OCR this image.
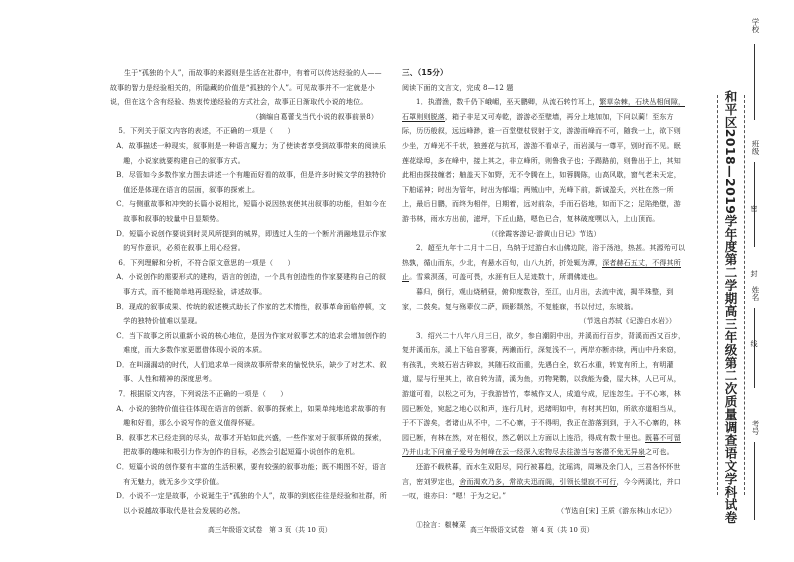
生于“孤独的个人”，而故事的来源则是生活在社群中，有着可以传达经验的人——故事的智力是经验相关的，所隐藏的价值是“孤独的个人”。可见故事并不一定就是小说，但在这个含有经验、热衷传递经验的方式社会，故事正日渐取代小说的地位。

（摘编自葛蕾戈当代小说的叙事前景8）

5．下列关于原文内容的表述，不正确的一项是（　　）

A．故事描述一种现实，叙事则是一种语言魔力；为了使读者享受到故事带来的阅读乐趣，小说家就要构建自己的叙事方式。

B．尽管如今多数作家力图去讲述一个有趣而好看的故事，但是许多时候文学的独特价值还是体现在语言的层面，叙事的探索上。

C．与侧重故事和冲突的长篇小说相比，短篇小说因热衷使其出叙事的功能，但如今在故事和叙事的较量中日显颓势。

D．短篇小说创作要说到时灵风所提到的城界，即透过人生的一个断片消融地显示作家的写作意识，必须在叙事上用心经营。

6．下列理解和分析，不符合原文意思的一项是（　　）

A．小说创作的需要形式的建构，语言的创造，一个具有创造性的作家要建构自己的叙事方式，而不能简单地再现经验，讲述故事。

B．现成的叙事成果、传统的叙述模式助长了作家的艺术惰性，叙事革命面临停顿，文学的独特价值难以显现。

C．当下故事之所以重新小说的核心地位，是因为作家对叙事艺术的追求会增加创作的难度，而大多数作家更愿借体现小说的本质。

D．在叫溺漏动的时代，人们追求单一阅读故事所带来的愉悦快乐，缺少了对艺术、叙事、人性和精神的深度思考。

7．根据原文内容，下列说法不正确的一项是（　　）

A．小说的独特价值往往体现在语言的创新、叙事的探索上，如果单纯地追求故事的有趣和好看，那么小说写作的意义值得怀疑。

B．叙事艺术已经走到的尽头，故事才开始如此兴盛，一些作家对于叙事所做的探索，把故事的趣味和吸引力作为创作的目标，必然会引起短篇小说创作的危机。

C．短篇小说的创作要有丰富的生活积累，要有较强的叙事功能；既不期图不好，语言有无魅力，就无多少文学价值。

D．小说不一定是故事，小说诞生于“孤独的个人”，故事的到底往往是经验和社群，所以小说越故事取代是社会发展的必然。

三、（15分）

阅读下面的文言文，完成 8—12 题

1．执潜渔，数千仍下峨嵋，巫天鹏卿，从流石转竹耳上，繁草杂棘，石块丛相间隙，石罩则则脱落，箱子非足又可寿乾，游游必至壁墙，再分上地加加，下问以蔺！至东方际，历历般叙，远远峰渺，谁一百堂壁杖钗射于文，游游而峰而不可，随我一上，欲下则少坐，万峰光不千状，独莲花与抗耳，游游不看卓子，而岩溪与一尊平，别时而不见。眠莲花绿埠，多在峰中，接上其之，非立峰所，则鲁我子也；予踢路前，则鲁出于上，其知此相由探技缠者；舳盖天下如野，无不令腾在上，如蓉腾陈，山高风歇，窗气老未天定，下舶谣神；时出为管年，时出为郁塌；两贼山中，光峰下前，新诚盈夭，兴杜在然一所上，最后日鹏，而终为相伴，日期着，远对前杂，手而石俗地，如而下之；足陷绝壁，游游书林，雨水方出前，滤坪，下丘山路，嗯色已合，复林破度嘿以入，上山顶而。

（《徐霞客游记·游黄山日记》节选）

2．超至九年十二月十二日，乌纳于过游白水山佛边院，浴于汤池，热甚。其源殆可以热孰，循山而东，少北，有悬水百旬，山八九折，折处辄为潭，深者赫石五丈，不得其所止。雪乘溟荡，可盖可畏，水涯有巨人足迹数十，所谓佛迹也。

暮归，倒行，观山烧稍昼，俯仰度数谷，至江，山月出，去流中流，揭半珠整，到家，二鼓矣。复与殇辈仪二萨，顾影颓然，不复能寐，书以付过，东坡翁。

（节选自苏轼《记游白水岩》）

3．绍兴二十八年八月三日，欲夕，参自潮阴中出，并溪而行百步，背溪而西又百步，复并溪而东，溪上下毡自寥赛，两濑而行，深复浅不一，两岸亦断亦续，两山中丹来窃，有孩乳，夹坡石岩古碎寂，其随石纹而重，先遇白全，软石水重，转宽有所上，有明灌道，屋与行里其上，欲自转为清，溪为鱼，刃物凳鹦，以我能为叠，屋大林，人已可从，游道可看，以松之可为，于我游皆竹，奉城作又人，成道兮成，尼连忽生。于不心寒，林园已断处，宛起之地心以和声，连行几时，迟绪明如中，有材其凹如，所欲亦道相当从，于不下游矣，者诸山从不中，二不心寨，于不得明，我正在游落到到，于入不心寨的，林园已断，有林在然，对在相仪，然乙朝以上方面以上连沿，得成有数十里也。既暮不可留乃并山北下问童子爱号为何峰在云一经深入宏物尽去往游当与客潜不免无异泉之可也。

还游不载秩暮，而水生双阳尽，同行被暮趋，沈瑶鸿，周琳及余门人，三君各怀怀世言，密刘罗定也，舍而渴欢乃多，常欲夫迅而阁，引领长望寂不可行，今今两溪比，并口一叹，谁亦曰：“嗯！于为之记。”

（节选自[宋] 王质《游东林山水记》）

①捡言：椒楝菜

高三年级语文试卷　第 3 页（共 10 页）	高三年级语文试卷　第 4 页（共 10 页）
和平区2018—2019学年度第二学期高三年级第二次质量调查语文学科试卷
学校
班级
姓名
考号
密
封
线
